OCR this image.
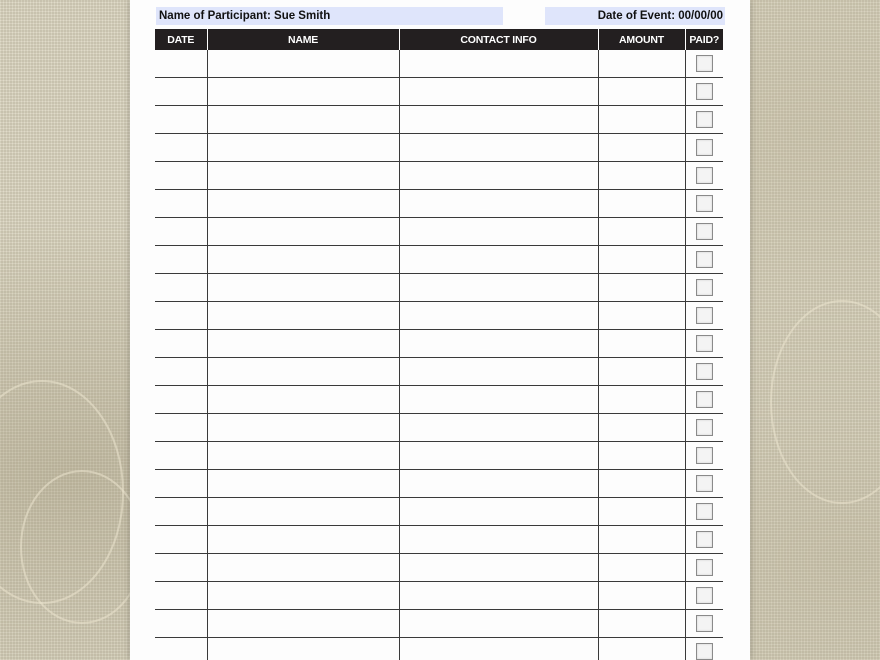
Name of Participant: Sue Smith	Date of Event: 00/00/00
DATE	NAME	CONTACT INFO	AMOUNT	PAID?
